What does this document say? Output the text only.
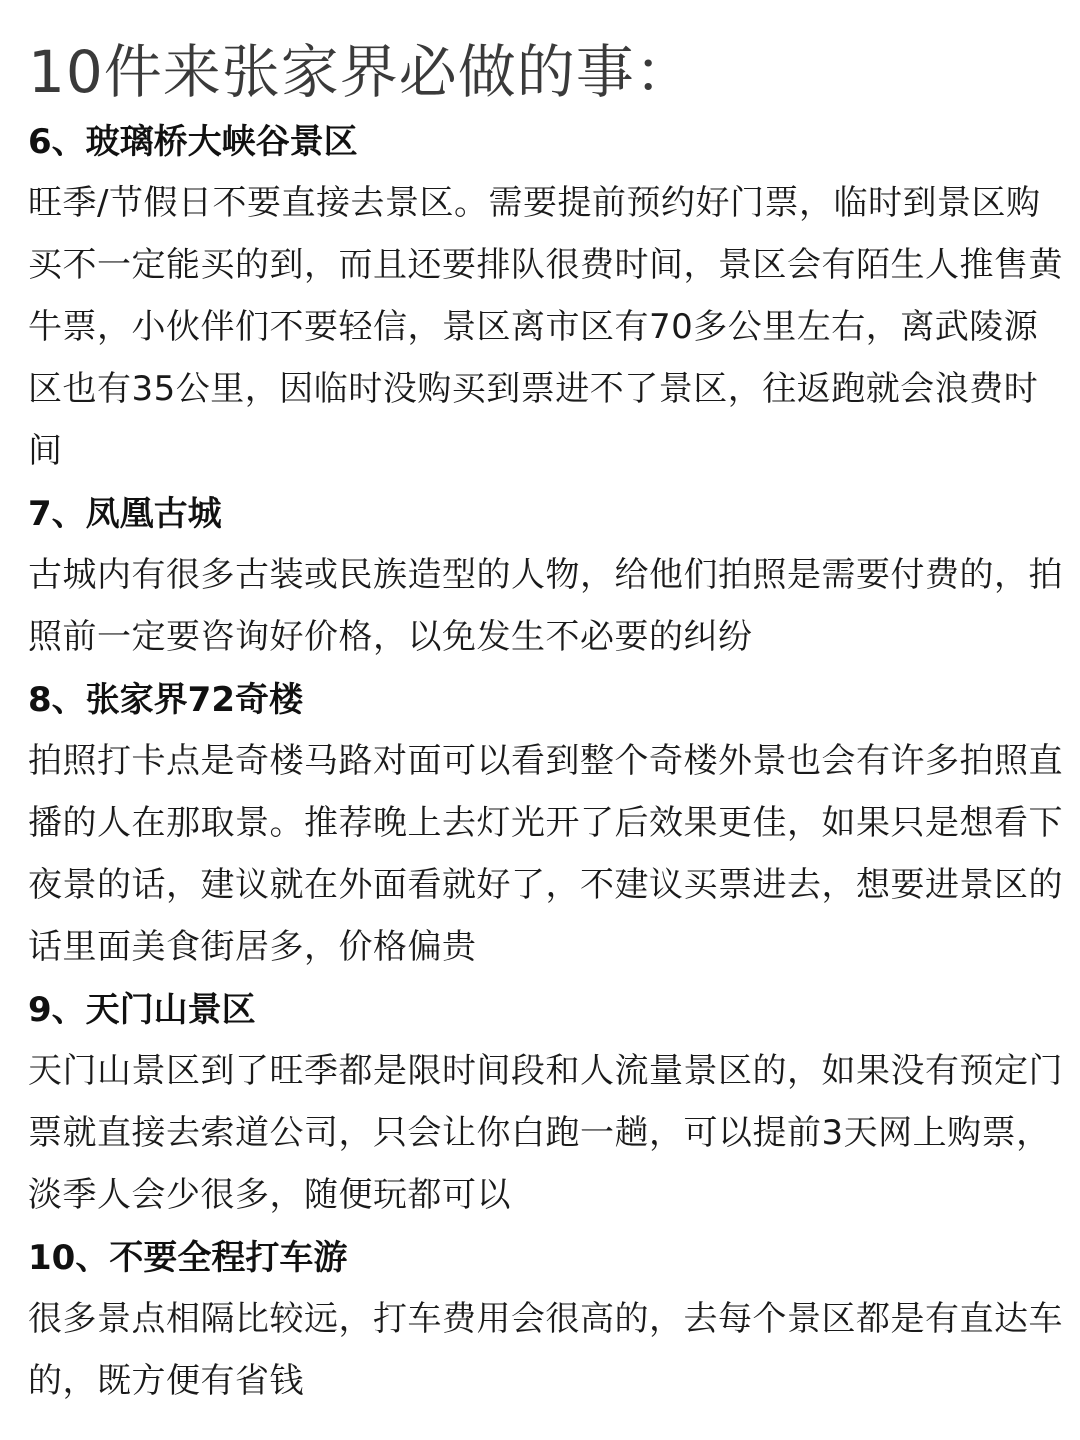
10件来张家界必做的事：
6、玻璃桥大峡谷景区

旺季/节假日不要直接去景区。需要提前预约好门票，临时到景区购买不一定能买的到，而且还要排队很费时间，景区会有陌生人推售黄牛票，小伙伴们不要轻信，景区离市区有70多公里左右，离武陵源区也有35公里，因临时没购买到票进不了景区，往返跑就会浪费时间

7、凤凰古城

古城内有很多古装或民族造型的人物，给他们拍照是需要付费的，拍照前一定要咨询好价格，以免发生不必要的纠纷

8、张家界72奇楼

拍照打卡点是奇楼马路对面可以看到整个奇楼外景也会有许多拍照直播的人在那取景。推荐晚上去灯光开了后效果更佳，如果只是想看下夜景的话，建议就在外面看就好了，不建议买票进去，想要进景区的话里面美食街居多，价格偏贵

9、天门山景区

天门山景区到了旺季都是限时间段和人流量景区的，如果没有预定门票就直接去索道公司，只会让你白跑一趟，可以提前3天网上购票，淡季人会少很多，随便玩都可以

10、不要全程打车游

很多景点相隔比较远，打车费用会很高的，去每个景区都是有直达车的，既方便有省钱
